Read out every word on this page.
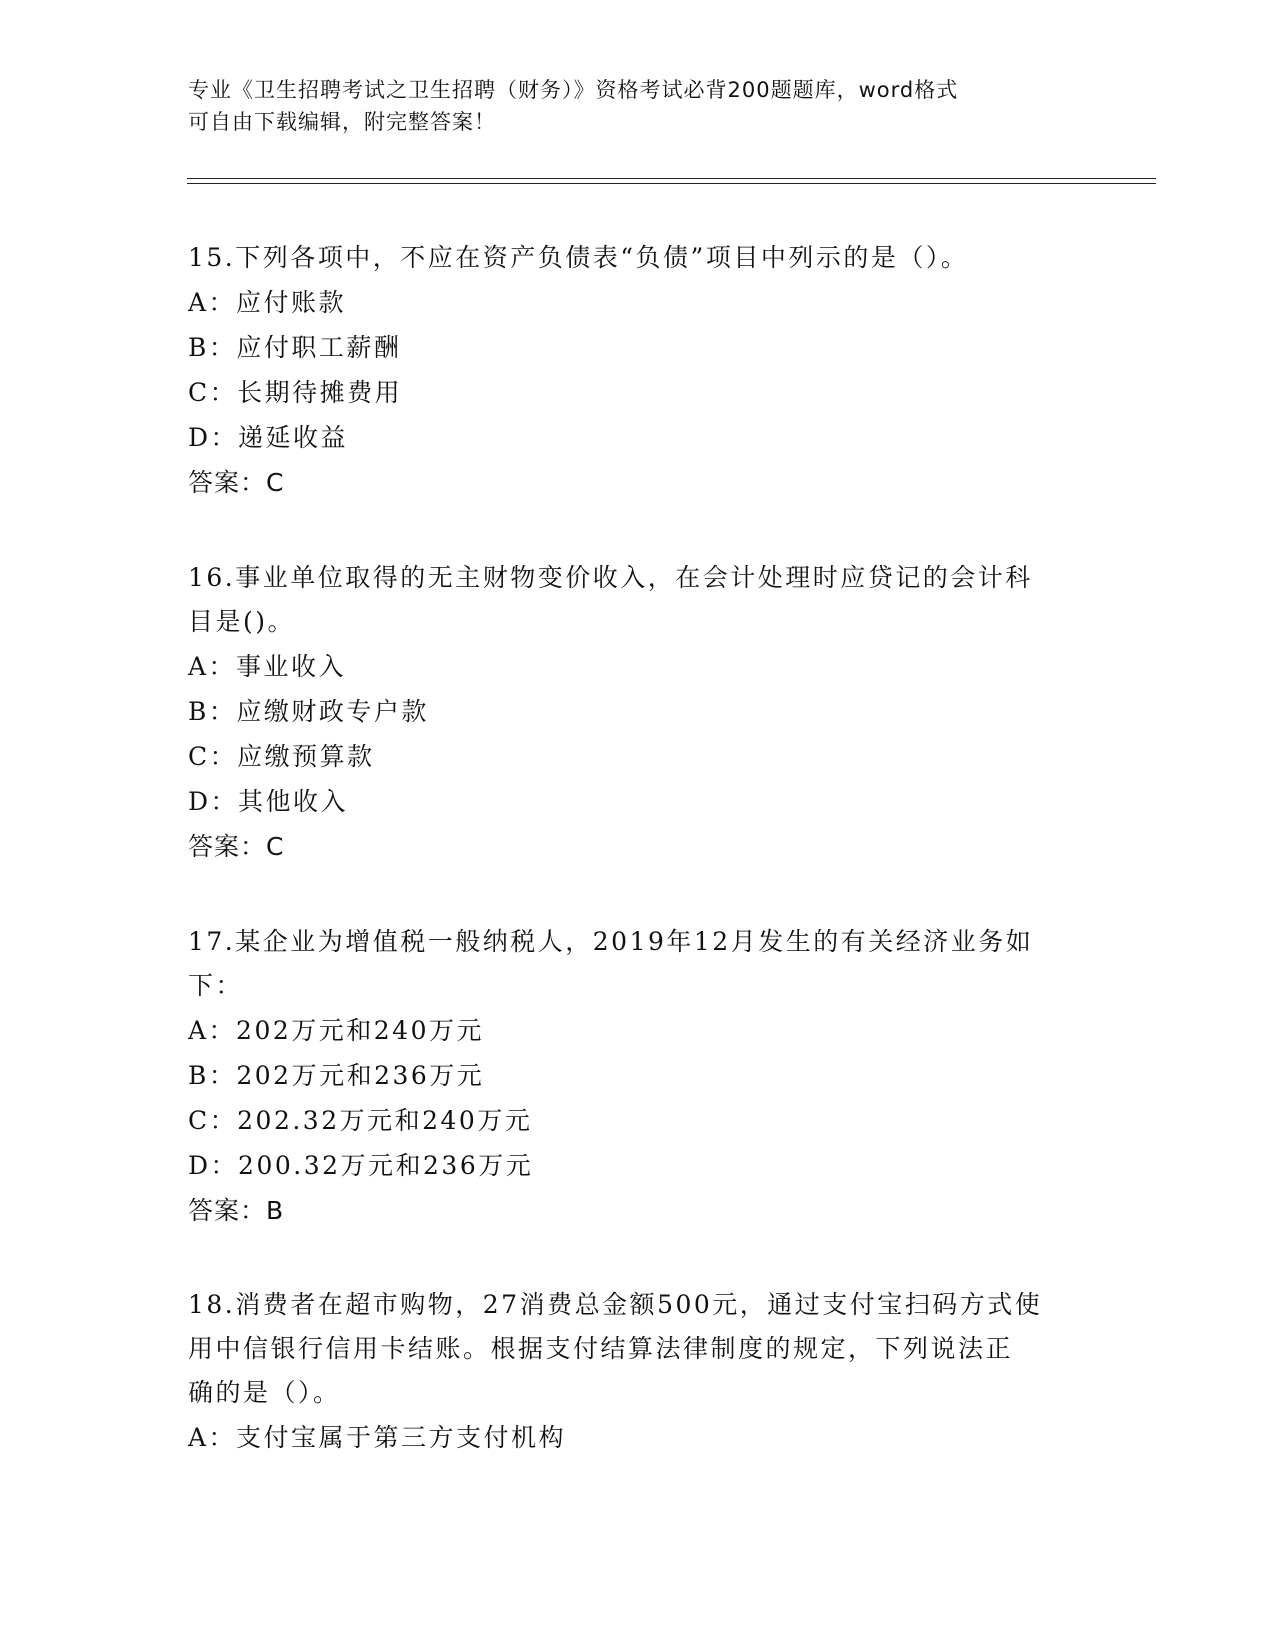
专业《卫生招聘考试之卫生招聘（财务）》资格考试必背200题题库，word格式
可自由下载编辑，附完整答案！
15.下列各项中，不应在资产负债表“负债”项目中列示的是（）。
A：应付账款
B：应付职工薪酬
C：长期待摊费用
D：递延收益
答案：C
16.事业单位取得的无主财物变价收入，在会计处理时应贷记的会计科
目是()。
A：事业收入
B：应缴财政专户款
C：应缴预算款
D：其他收入
答案：C
17.某企业为增值税一般纳税人，2019年12月发生的有关经济业务如
下：
A：202万元和240万元
B：202万元和236万元
C：202.32万元和240万元
D：200.32万元和236万元
答案：B
18.消费者在超市购物，27消费总金额500元，通过支付宝扫码方式使
用中信银行信用卡结账。根据支付结算法律制度的规定，下列说法正
确的是（）。
A：支付宝属于第三方支付机构
